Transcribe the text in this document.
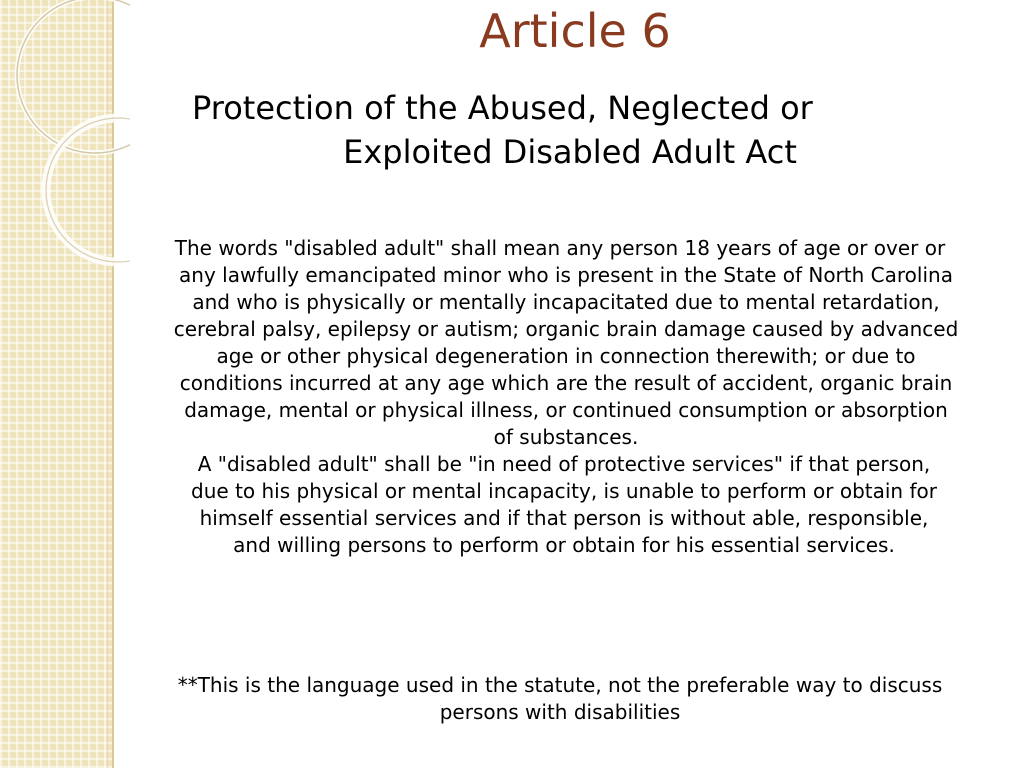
Article 6
Protection of the Abused, Neglected or
Exploited Disabled Adult Act

The words "disabled adult" shall mean any person 18 years of age or over or any lawfully emancipated minor who is present in the State of North Carolina and who is physically or mentally incapacitated due to mental retardation, cerebral palsy, epilepsy or autism; organic brain damage caused by advanced age or other physical degeneration in connection therewith; or due to conditions incurred at any age which are the result of accident, organic brain damage, mental or physical illness, or continued consumption or absorption of substances.

A "disabled adult" shall be "in need of protective services" if that person, due to his physical or mental incapacity, is unable to perform or obtain for himself essential services and if that person is without able, responsible, and willing persons to perform or obtain for his essential services.

**This is the language used in the statute, not the preferable way to discuss persons with disabilities
